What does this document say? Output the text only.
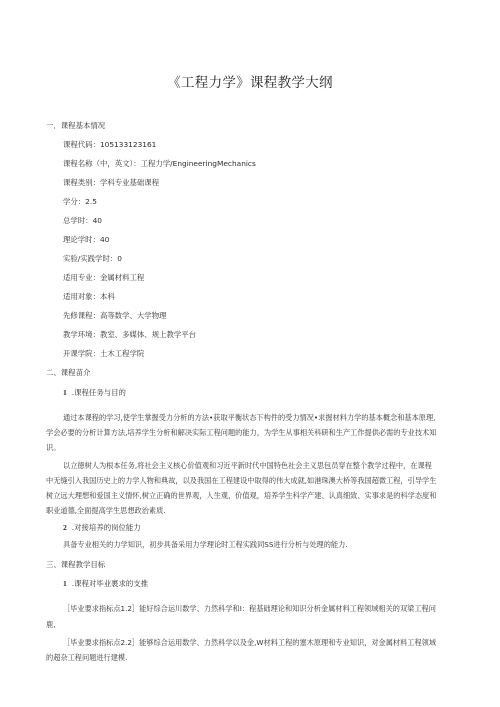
《工程力学》课程教学大纲
一．课程基本情况
课程代码：105133123161
课程名称（中，英文）：工程力学/EngineeringMechanics
课程类别：学科专业基础课程
学分：2.5
总学时：40
理论学时：40
实验/实践学时：0
适用专业：金属材料工程
适用对象：本科
先修课程：高等数学、大学物理
教学环境：教室、多媒体、规上教学平台
开课学院：土木工程学院
二、课程苗介
1 .课程任务与目的
通过本课程的学习,使学生掌握受力分析的方法•获取平衡状态下构件的受力情况•求握材料力学的基本概念和基本原理,
学会必要的分析计算方法,培养学生分析和解决实际工程问题的能力，为学生从事相关科研和生产工作提供必需的专业技术知
识。
以立徳树人为根本任务,将社会主义核心价值观和习近平新时代中国特色社会主义思包员穿在整个教学过程中，在课程
中无缝引入我国历史上的力学人物和典故，以及我国在工程建设中取得的伟大成就,如港珠澳大桥等我国超微工程，引导学生
树立远大理想和爱国主义情怀,树立正确的世界观，人生观，价值观，培养学生科学产建、认真细致、实事求是的科学态度和
职业道德,全面提高学生思想政治素质.
2 .对接培养的岗位能力
具备专业相关的力学知识，初步具备采用力学理论时工程实践同SS进行分析与处理的能力.
三、课程教学目标
1 .课程对毕业裹求的支推
［毕业要求指标点1.2］能好综合运川数学、力然科学和I：程基础理论和知识分析金属材料工程领域相关的双梁工程问
鹿,
［毕业要求指标点2.2］能够综合运用数学、力然科学以及金,W材料工程的塞木原理和专业知识，对金属材料工程领域
的超杂工程问题进行建模.
